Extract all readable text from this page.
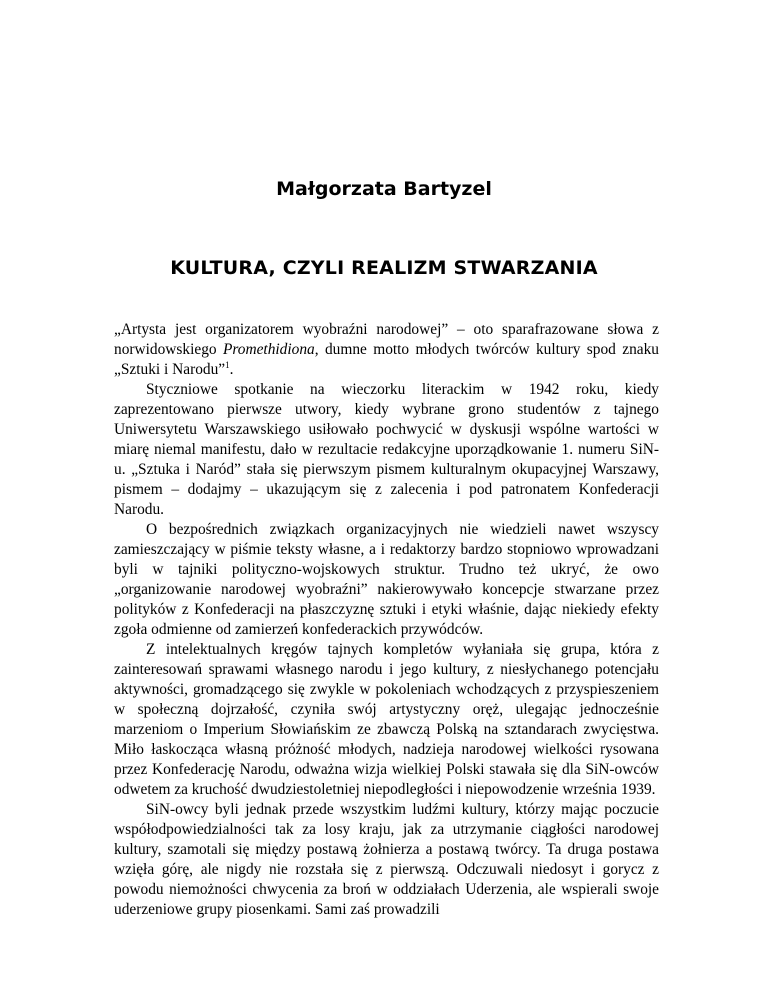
Małgorzata Bartyzel
KULTURA, CZYLI REALIZM STWARZANIA

„Artysta jest organizatorem wyobraźni narodowej” – oto sparafrazowane słowa z norwidowskiego Promethidiona, dumne motto młodych twórców kultury spod znaku „Sztuki i Narodu”$^1$.

Styczniowe spotkanie na wieczorku literackim w 1942 roku, kiedy zaprezentowano pierwsze utwory, kiedy wybrane grono studentów z tajnego Uniwersytetu Warszawskiego usiłowało pochwycić w dyskusji wspólne wartości w miarę niemal manifestu, dało w rezultacie redakcyjne uporządkowanie 1. numeru SiN-u. „Sztuka i Naród” stała się pierwszym pismem kulturalnym okupacyjnej Warszawy, pismem – dodajmy – ukazującym się z zalecenia i pod patronatem Konfederacji Narodu.

O bezpośrednich związkach organizacyjnych nie wiedzieli nawet wszyscy zamieszczający w piśmie teksty własne, a i redaktorzy bardzo stopniowo wprowadzani byli w tajniki polityczno-wojskowych struktur. Trudno też ukryć, że owo „organizowanie narodowej wyobraźni” nakierowywało koncepcje stwarzane przez polityków z Konfederacji na płaszczyznę sztuki i etyki właśnie, dając niekiedy efekty zgoła odmienne od zamierzeń konfederackich przywódców.

Z intelektualnych kręgów tajnych kompletów wyłaniała się grupa, która z zainteresowań sprawami własnego narodu i jego kultury, z niesłychanego potencjału aktywności, gromadzącego się zwykle w pokoleniach wchodzących z przyspieszeniem w społeczną dojrzałość, czyniła swój artystyczny oręż, ulegając jednocześnie marzeniom o Imperium Słowiańskim ze zbawczą Polską na sztandarach zwycięstwa. Miło łaskocząca własną próżność młodych, nadzieja narodowej wielkości rysowana przez Konfederację Narodu, odważna wizja wielkiej Polski stawała się dla SiN-owców odwetem za kruchość dwudziestoletniej niepodległości i niepowodzenie września 1939.

SiN-owcy byli jednak przede wszystkim ludźmi kultury, którzy mając poczucie współodpowiedzialności tak za losy kraju, jak za utrzymanie ciągłości narodowej kultury, szamotali się między postawą żołnierza a postawą twórcy. Ta druga postawa wzięła górę, ale nigdy nie rozstała się z pierwszą. Odczuwali niedosyt i gorycz z powodu niemożności chwycenia za broń w oddziałach Uderzenia, ale wspierali swoje uderzeniowe grupy piosenkami. Sami zaś prowadzili
